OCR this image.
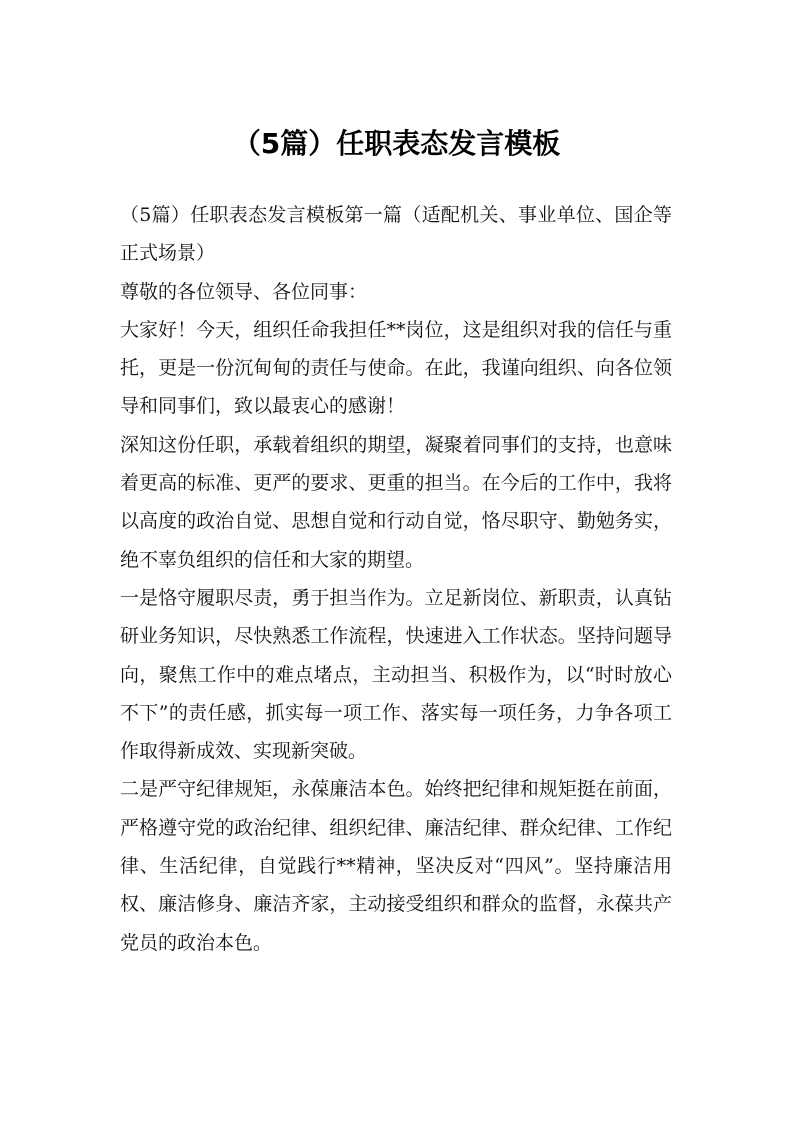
（5篇）任职表态发言模板

（5篇）任职表态发言模板第一篇（适配机关、事业单位、国企等正式场景）

尊敬的各位领导、各位同事：

大家好！今天，组织任命我担任**岗位，这是组织对我的信任与重托，更是一份沉甸甸的责任与使命。在此，我谨向组织、向各位领导和同事们，致以最衷心的感谢！

深知这份任职，承载着组织的期望，凝聚着同事们的支持，也意味着更高的标准、更严的要求、更重的担当。在今后的工作中，我将以高度的政治自觉、思想自觉和行动自觉，恪尽职守、勤勉务实，绝不辜负组织的信任和大家的期望。

一是恪守履职尽责，勇于担当作为。立足新岗位、新职责，认真钻研业务知识，尽快熟悉工作流程，快速进入工作状态。坚持问题导向，聚焦工作中的难点堵点，主动担当、积极作为，以“时时放心不下”的责任感，抓实每一项工作、落实每一项任务，力争各项工作取得新成效、实现新突破。

二是严守纪律规矩，永葆廉洁本色。始终把纪律和规矩挺在前面，严格遵守党的政治纪律、组织纪律、廉洁纪律、群众纪律、工作纪律、生活纪律，自觉践行**精神，坚决反对“四风”。坚持廉洁用权、廉洁修身、廉洁齐家，主动接受组织和群众的监督，永葆共产党员的政治本色。
